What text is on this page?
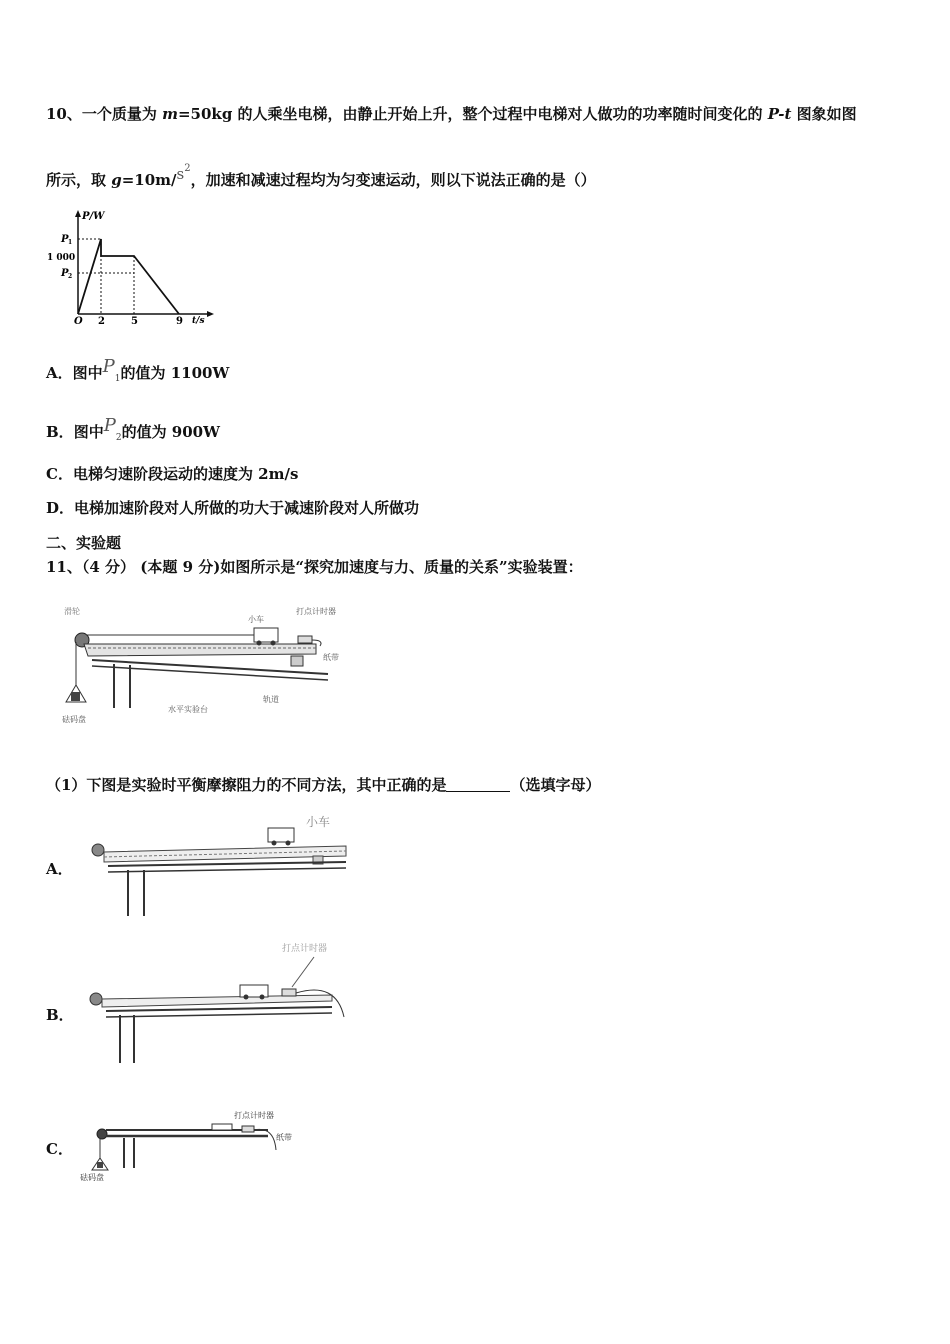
10、一个质量为 m=50kg 的人乘坐电梯，由静止开始上升，整个过程中电梯对人做功的功率随时间变化的 P-t 图象如图
所示，取 $g=10m/s^2$，加速和减速过程均为匀变速运动，则以下说法正确的是（）
P/W
P 1
1 000
P 2
O 2	5	9 t/s
A．图中$P_1$的值为 1100W
B．图中$P_2$的值为 900W
C．电梯匀速阶段运动的速度为 2m/s
D．电梯加速阶段对人所做的功大于减速阶段对人所做功
二、实验题
11、（4 分） (本题 9 分)如图所示是“探究加速度与力、质量的关系”实验装置：
滑轮
小车
打点计时器
纸带
轨道
水平实验台
砝码盘
（1）下图是实验时平衡摩擦阻力的不同方法，其中正确的是	（选填字母）
A．
小车
B．
打点计时器
C．
打点计时器
纸带
砝码盘
